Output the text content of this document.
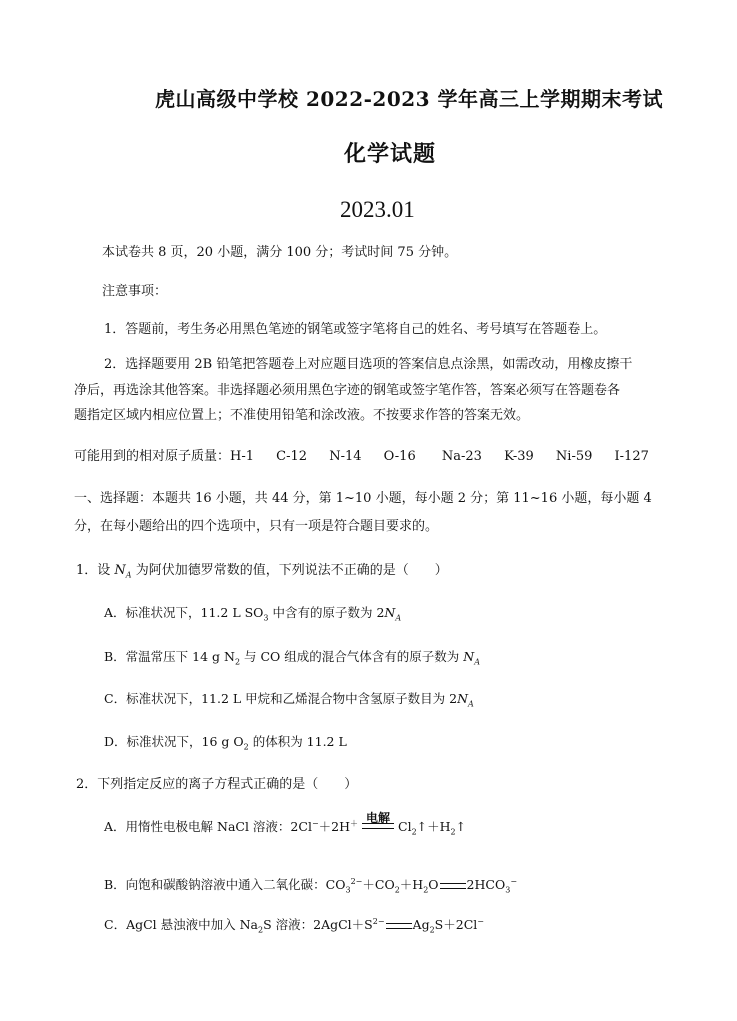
虎山高级中学校 2022-2023 学年高三上学期期末考试
化学试题
2023.01
本试卷共 8 页，20 小题，满分 100 分；考试时间 75 分钟。
注意事项：
1．答题前，考生务必用黑色笔迹的钢笔或签字笔将自己的姓名、考号填写在答题卷上。
2．选择题要用 2B 铅笔把答题卷上对应题目选项的答案信息点涂黑，如需改动，用橡皮擦干
净后，再选涂其他答案。非选择题必须用黑色字迹的钢笔或签字笔作答，答案必须写在答题卷各
题指定区域内相应位置上；不准使用铅笔和涂改液。不按要求作答的答案无效。
可能用到的相对原子质量：H-1 C-12 N-14 O-16 Na-23 K-39 Ni-59 I-127
一、选择题：本题共 16 小题，共 44 分，第 1~10 小题，每小题 2 分；第 11~16 小题，每小题 4
分，在每小题给出的四个选项中，只有一项是符合题目要求的。
1．设 $N_A$ 为阿伏加德罗常数的值，下列说法不正确的是（　　）
A．标准状况下，11.2 L $SO_3$ 中含有的原子数为 $2N_A$
B．常温常压下 14 g $N_2$ 与 CO 组成的混合气体含有的原子数为 $N_A$
C．标准状况下，11.2 L 甲烷和乙烯混合物中含氢原子数目为 $2N_A$
D．标准状况下，16 g $O_2$ 的体积为 11.2 L
2．下列指定反应的离子方程式正确的是（　　）
A．用惰性电极电解 NaCl 溶液：2Cl−＋2H＋ 电解
$Cl_2↑+H_2↑$
B．向饱和碳酸钠溶液中通入二氧化碳：$CO_3^{2-}+CO_2+H_2O$ $2HCO_3^-$
C．AgCl 悬浊液中加入 $Na_2S$ 溶液：$2AgCl+S^{2-}$ $Ag_2S+2Cl^-$
